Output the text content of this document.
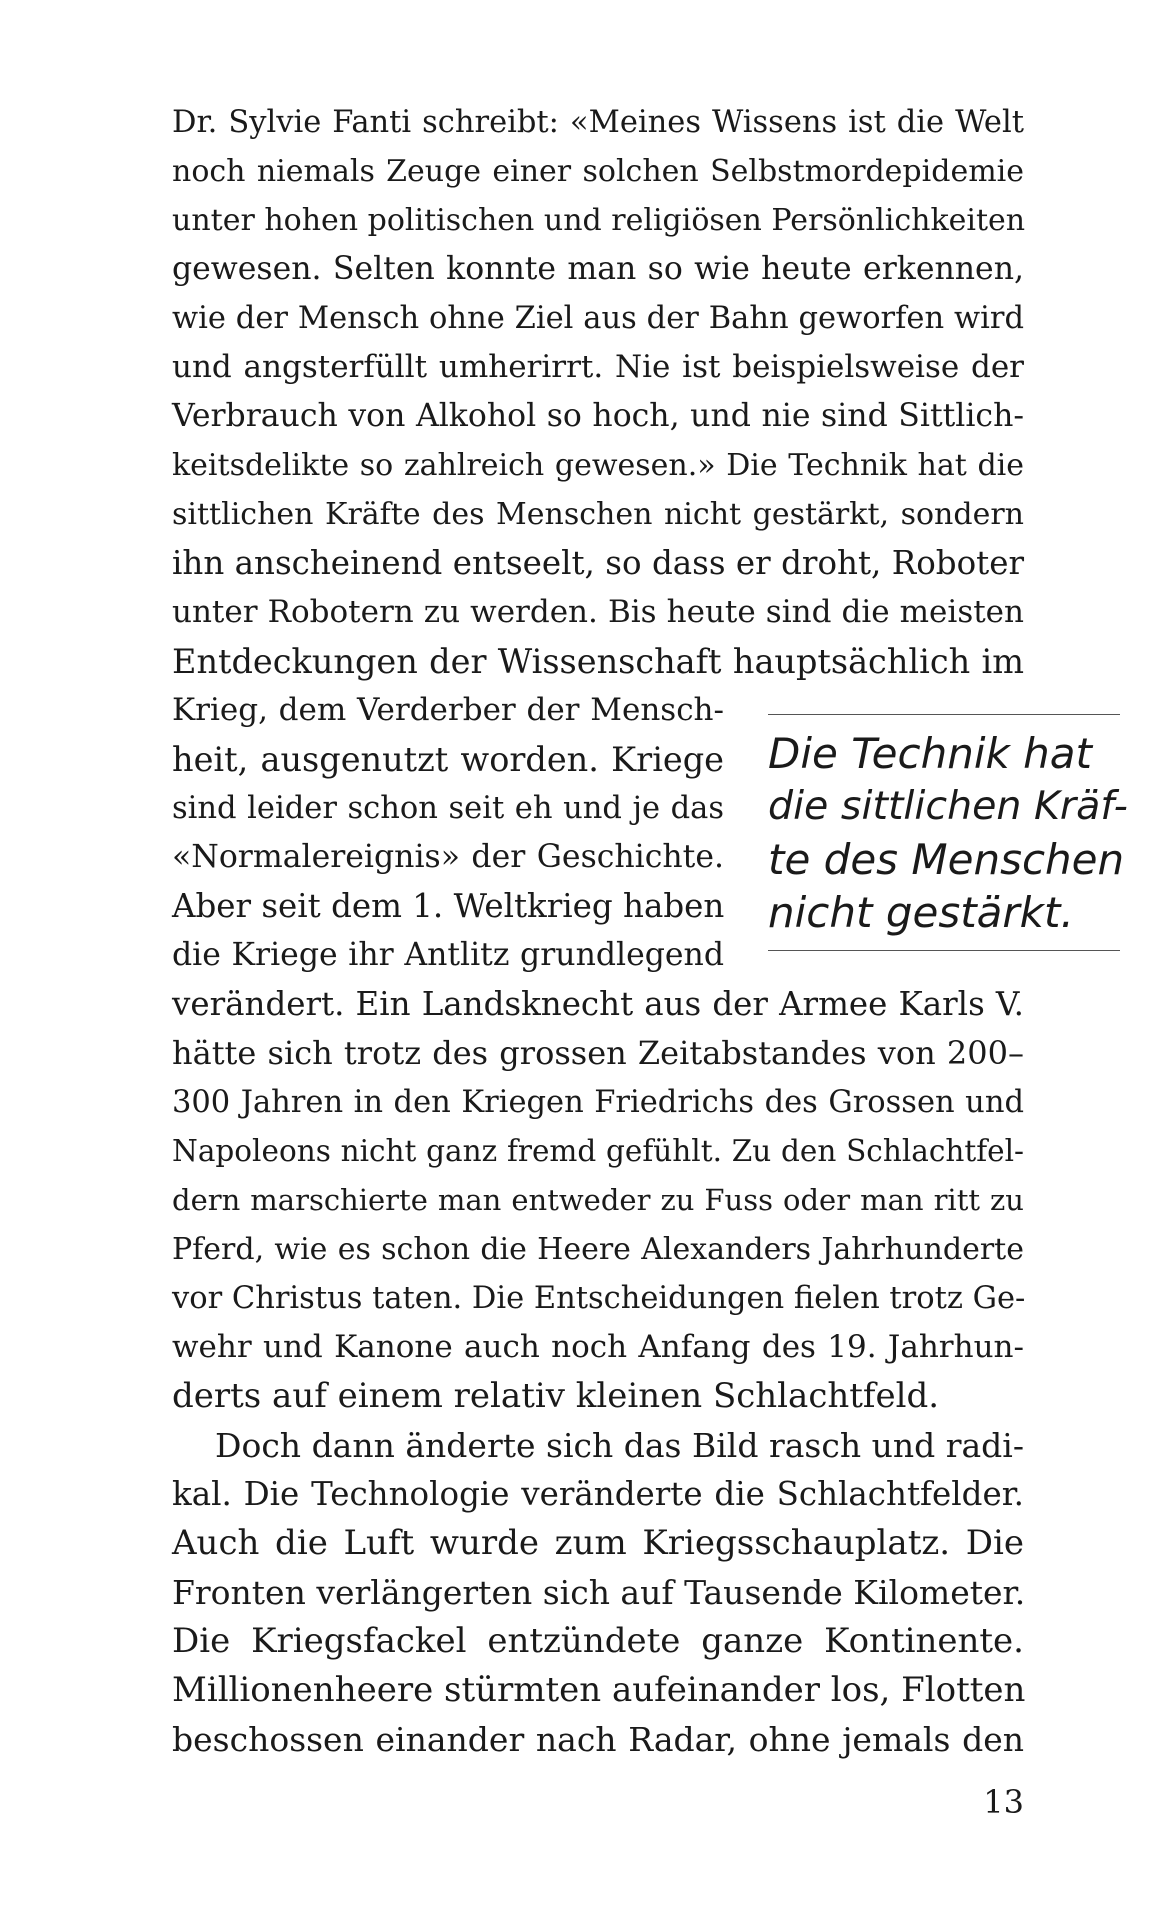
Dr. Sylvie Fanti schreibt: «Meines Wissens ist die Welt
noch niemals Zeuge einer solchen Selbstmordepidemie
unter hohen politischen und religiösen Persönlichkeiten
gewesen. Selten konnte man so wie heute erkennen,
wie der Mensch ohne Ziel aus der Bahn geworfen wird
und angsterfüllt umherirrt. Nie ist beispielsweise der
Verbrauch von Alkohol so hoch, und nie sind Sittlich-
keitsdelikte so zahlreich gewesen.» Die Technik hat die
sittlichen Kräfte des Menschen nicht gestärkt, sondern
ihn anscheinend entseelt, so dass er droht, Roboter
unter Robotern zu werden. Bis heute sind die meisten
Entdeckungen der Wissenschaft hauptsächlich im
Krieg, dem Verderber der Mensch-
heit, ausgenutzt worden. Kriege
sind leider schon seit eh und je das
«Normalereignis» der Geschichte.
Aber seit dem 1. Weltkrieg haben
die Kriege ihr Antlitz grundlegend
verändert. Ein Landsknecht aus der Armee Karls V.
hätte sich trotz des grossen Zeitabstandes von 200–
300 Jahren in den Kriegen Friedrichs des Grossen und
Napoleons nicht ganz fremd gefühlt. Zu den Schlachtfel-
dern marschierte man entweder zu Fuss oder man ritt zu
Pferd, wie es schon die Heere Alexanders Jahrhunderte
vor Christus taten. Die Entscheidungen fielen trotz Ge-
wehr und Kanone auch noch Anfang des 19. Jahrhun-
derts auf einem relativ kleinen Schlachtfeld.
Doch dann änderte sich das Bild rasch und radi-
kal. Die Technologie veränderte die Schlachtfelder.
Auch die Luft wurde zum Kriegsschauplatz. Die
Fronten verlängerten sich auf Tausende Kilometer.
Die Kriegsfackel entzündete ganze Kontinente.
Millionenheere stürmten aufeinander los, Flotten
beschossen einander nach Radar, ohne jemals den
Die Technik hat
die sittlichen Kräf-
te des Menschen
nicht gestärkt.
13
